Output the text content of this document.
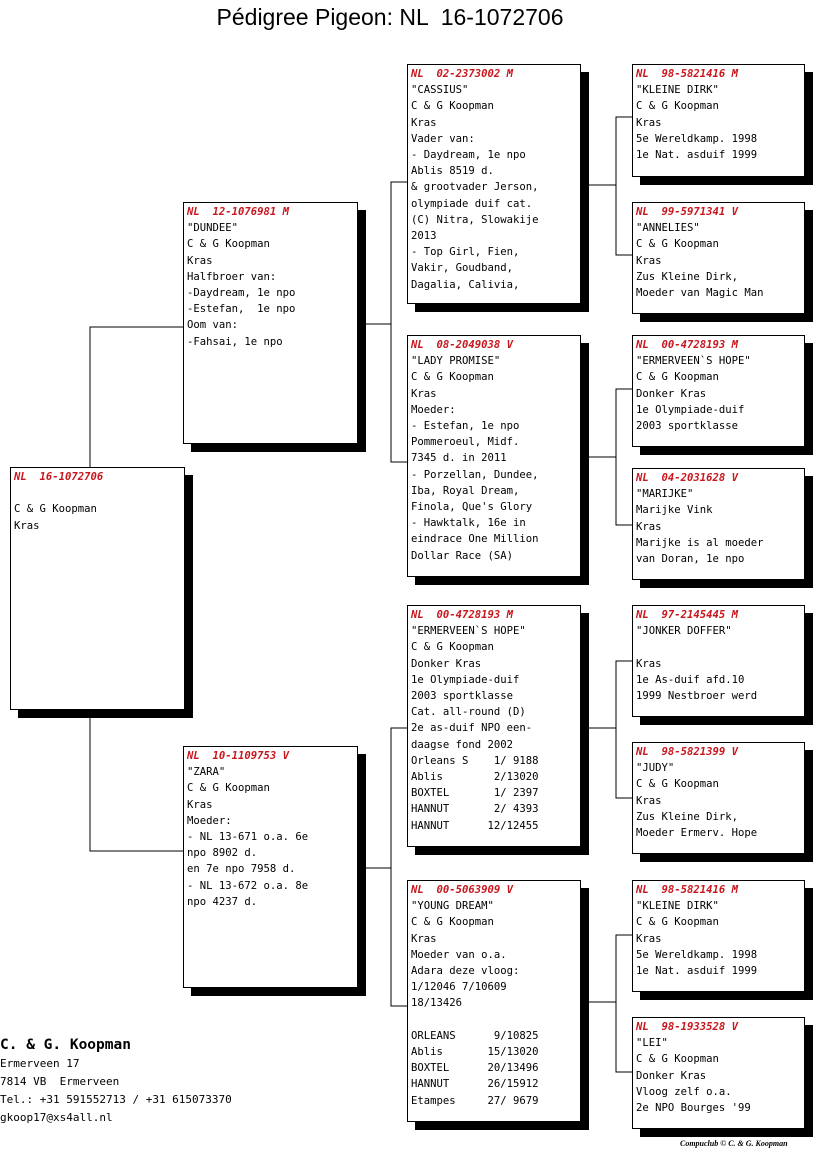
Pédigree Pigeon: NL  16-1072706
NL  16-1072706
C & G Koopman
Kras
NL  12-1076981 M
"DUNDEE"
C & G Koopman
Kras
Halfbroer van:
-Daydream, 1e npo
-Estefan,  1e npo
Oom van:
-Fahsai, 1e npo
NL  10-1109753 V
"ZARA"
C & G Koopman
Kras
Moeder:
- NL 13-671 o.a. 6e
npo 8902 d.
en 7e npo 7958 d.
- NL 13-672 o.a. 8e
npo 4237 d.
NL  02-2373002 M
"CASSIUS"
C & G Koopman
Kras
Vader van:
- Daydream, 1e npo
Ablis 8519 d.
& grootvader Jerson,
olympiade duif cat.
(C) Nitra, Slowakije
2013
- Top Girl, Fien,
Vakir, Goudband,
Dagalia, Calivia,
NL  08-2049038 V
"LADY PROMISE"
C & G Koopman
Kras
Moeder:
- Estefan, 1e npo
Pommeroeul, Midf.
7345 d. in 2011
- Porzellan, Dundee,
Iba, Royal Dream,
Finola, Que's Glory
- Hawktalk, 16e in
eindrace One Million
Dollar Race (SA)
NL  00-4728193 M
"ERMERVEEN`S HOPE"
C & G Koopman
Donker Kras
1e Olympiade-duif
2003 sportklasse
Cat. all-round (D)
2e as-duif NPO een-
daagse fond 2002
Orleans S    1/ 9188
Ablis        2/13020
BOXTEL       1/ 2397
HANNUT       2/ 4393
HANNUT      12/12455
NL  00-5063909 V
"YOUNG DREAM"
C & G Koopman
Kras
Moeder van o.a.
Adara deze vloog:
1/12046 7/10609
18/13426
ORLEANS      9/10825
Ablis       15/13020
BOXTEL      20/13496
HANNUT      26/15912
Etampes     27/ 9679
NL  98-5821416 M
"KLEINE DIRK"
C & G Koopman
Kras
5e Wereldkamp. 1998
1e Nat. asduif 1999
NL  99-5971341 V
"ANNELIES"
C & G Koopman
Kras
Zus Kleine Dirk,
Moeder van Magic Man
NL  00-4728193 M
"ERMERVEEN`S HOPE"
C & G Koopman
Donker Kras
1e Olympiade-duif
2003 sportklasse
NL  04-2031628 V
"MARIJKE"
Marijke Vink
Kras
Marijke is al moeder
van Doran, 1e npo
NL  97-2145445 M
"JONKER DOFFER"
Kras
1e As-duif afd.10
1999 Nestbroer werd
NL  98-5821399 V
"JUDY"
C & G Koopman
Kras
Zus Kleine Dirk,
Moeder Ermerv. Hope
NL  98-5821416 M
"KLEINE DIRK"
C & G Koopman
Kras
5e Wereldkamp. 1998
1e Nat. asduif 1999
NL  98-1933528 V
"LEI"
C & G Koopman
Donker Kras
Vloog zelf o.a.
2e NPO Bourges '99
C. & G. Koopman
Ermerveen 17
7814 VB  Ermerveen
Tel.: +31 591552713 / +31 615073370
gkoop17@xs4all.nl
Compuclub © C. & G. Koopman
